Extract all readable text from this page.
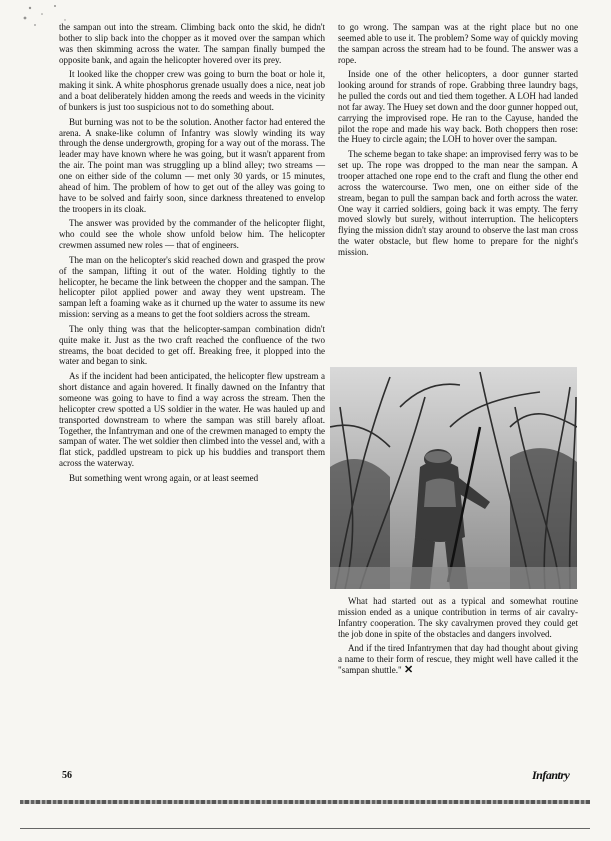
the sampan out into the stream. Climbing back onto the skid, he didn't bother to slip back into the chopper as it moved over the sampan which was then skimming across the water. The sampan finally bumped the opposite bank, and again the helicopter hovered over its prey.

It looked like the chopper crew was going to burn the boat or hole it, making it sink. A white phosphorus grenade usually does a nice, neat job and a boat deliberately hidden among the reeds and weeds in the vicinity of bunkers is just too suspicious not to do something about.

But burning was not to be the solution. Another factor had entered the arena. A snake-like column of Infantry was slowly winding its way through the dense undergrowth, groping for a way out of the morass. The leader may have known where he was going, but it wasn't apparent from the air. The point man was struggling up a blind alley; two streams — one on either side of the column — met only 30 yards, or 15 minutes, ahead of him. The problem of how to get out of the alley was going to have to be solved and fairly soon, since darkness threatened to envelop the troopers in its cloak.

The answer was provided by the commander of the helicopter flight, who could see the whole show unfold below him. The helicopter crewmen assumed new roles — that of engineers.

The man on the helicopter's skid reached down and grasped the prow of the sampan, lifting it out of the water. Holding tightly to the helicopter, he became the link between the chopper and the sampan. The helicopter pilot applied power and away they went upstream. The sampan left a foaming wake as it churned up the water to assume its new mission: serving as a means to get the foot soldiers across the stream.

The only thing was that the helicopter-sampan combination didn't quite make it. Just as the two craft reached the confluence of the two streams, the boat decided to get off. Breaking free, it plopped into the water and began to sink.

As if the incident had been anticipated, the helicopter flew upstream a short distance and again hovered. It finally dawned on the Infantry that someone was going to have to find a way across the stream. Then the helicopter crew spotted a US soldier in the water. He was hauled up and transported downstream to where the sampan was still barely afloat. Together, the Infantryman and one of the crewmen managed to empty the sampan of water. The wet soldier then climbed into the vessel and, with a flat stick, paddled upstream to pick up his buddies and transport them across the waterway.

But something went wrong again, or at least seemed

to go wrong. The sampan was at the right place but no one seemed able to use it. The problem? Some way of quickly moving the sampan across the stream had to be found. The answer was a rope.

Inside one of the other helicopters, a door gunner started looking around for strands of rope. Grabbing three laundry bags, he pulled the cords out and tied them together. A LOH had landed not far away. The Huey set down and the door gunner hopped out, carrying the improvised rope. He ran to the Cayuse, handed the pilot the rope and made his way back. Both choppers then rose: the Huey to circle again; the LOH to hover over the sampan.

The scheme began to take shape: an improvised ferry was to be set up. The rope was dropped to the man near the sampan. A trooper attached one rope end to the craft and flung the other end across the watercourse. Two men, one on either side of the stream, began to pull the sampan back and forth across the water. One way it carried soldiers, going back it was empty. The ferry moved slowly but surely, without interruption. The helicopters flying the mission didn't stay around to observe the last man cross the water obstacle, but flew home to prepare for the night's mission.

What had started out as a typical and somewhat routine mission ended as a unique contribution in terms of air cavalry-Infantry cooperation. The sky cavalrymen proved they could get the job done in spite of the obstacles and dangers involved.

And if the tired Infantrymen that day had thought about giving a name to their form of rescue, they might well have called it the "sampan shuttle." ✕

56	Infantry
